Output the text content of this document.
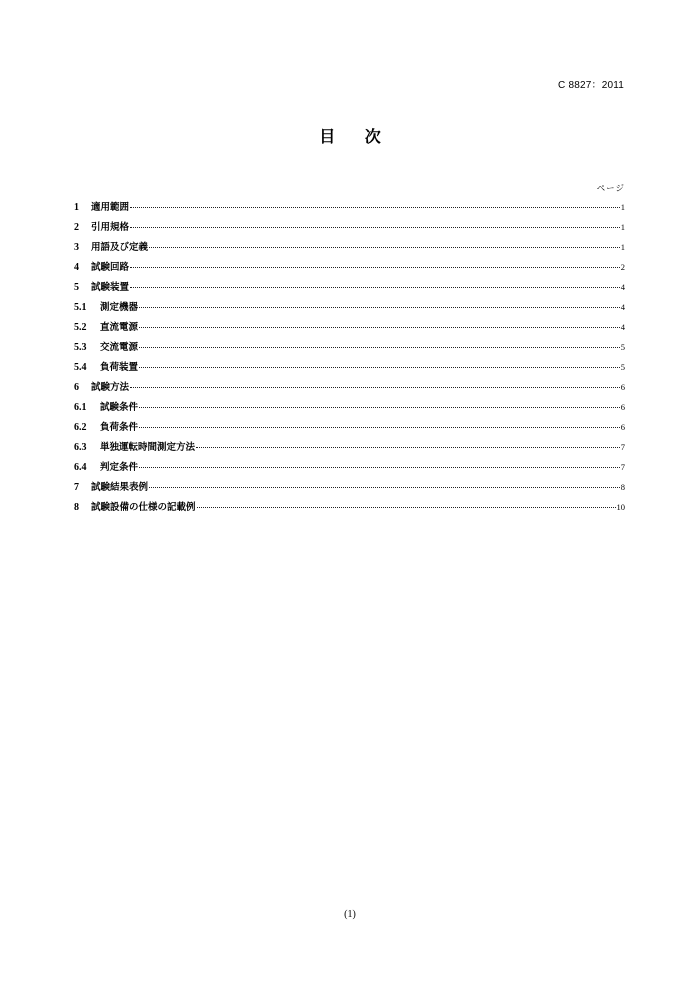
C 8827：2011
目 次
ページ
1	適用範囲	1
2	引用規格	1
3	用語及び定義	1
4	試験回路	2
5	試験装置	4
5.1	測定機器	4
5.2	直流電源	4
5.3	交流電源	5
5.4	負荷装置	5
6	試験方法	6
6.1	試験条件	6
6.2	負荷条件	6
6.3	単独運転時間測定方法	7
6.4	判定条件	7
7	試験結果表例	8
8	試験設備の仕様の記載例	10
(1)
